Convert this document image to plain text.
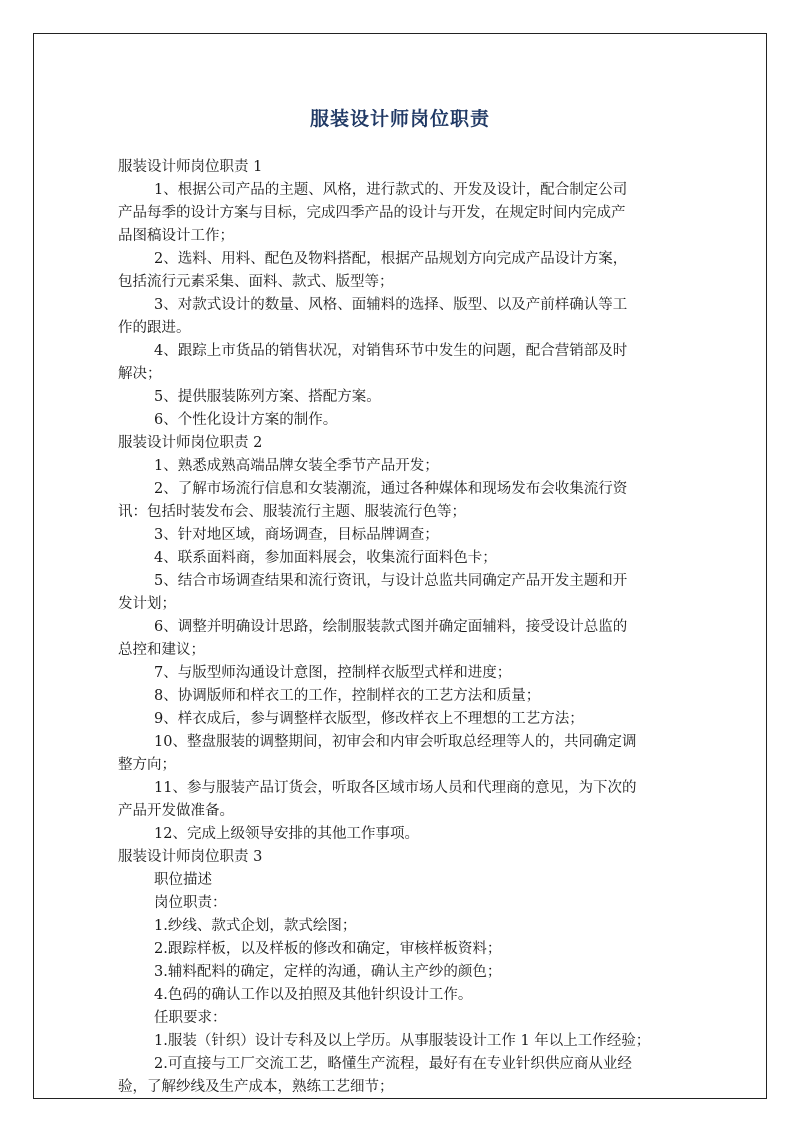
服装设计师岗位职责
服装设计师岗位职责 1
1、根据公司产品的主题、风格，进行款式的、开发及设计，配合制定公司
产品每季的设计方案与目标，完成四季产品的设计与开发，在规定时间内完成产
品图稿设计工作；
2、选料、用料、配色及物料搭配，根据产品规划方向完成产品设计方案，
包括流行元素采集、面料、款式、版型等；
3、对款式设计的数量、风格、面辅料的选择、版型、以及产前样确认等工
作的跟进。
4、跟踪上市货品的销售状况，对销售环节中发生的问题，配合营销部及时
解决；
5、提供服装陈列方案、搭配方案。
6、个性化设计方案的制作。
服装设计师岗位职责 2
1、熟悉成熟高端品牌女装全季节产品开发；
2、了解市场流行信息和女装潮流，通过各种媒体和现场发布会收集流行资
讯：包括时装发布会、服装流行主题、服装流行色等；
3、针对地区域，商场调查，目标品牌调查；
4、联系面料商，参加面料展会，收集流行面料色卡；
5、结合市场调查结果和流行资讯，与设计总监共同确定产品开发主题和开
发计划；
6、调整并明确设计思路，绘制服装款式图并确定面辅料，接受设计总监的
总控和建议；
7、与版型师沟通设计意图，控制样衣版型式样和进度；
8、协调版师和样衣工的工作，控制样衣的工艺方法和质量；
9、样衣成后，参与调整样衣版型，修改样衣上不理想的工艺方法；
10、整盘服装的调整期间，初审会和内审会听取总经理等人的，共同确定调
整方向；
11、参与服装产品订货会，听取各区域市场人员和代理商的意见，为下次的
产品开发做准备。
12、完成上级领导安排的其他工作事项。
服装设计师岗位职责 3
职位描述
岗位职责：
1.纱线、款式企划，款式绘图；
2.跟踪样板，以及样板的修改和确定，审核样板资料；
3.辅料配料的确定，定样的沟通，确认主产纱的颜色；
4.色码的确认工作以及拍照及其他针织设计工作。
任职要求：
1.服装（针织）设计专科及以上学历。从事服装设计工作 1 年以上工作经验；
2.可直接与工厂交流工艺，略懂生产流程，最好有在专业针织供应商从业经
验，了解纱线及生产成本，熟练工艺细节；
